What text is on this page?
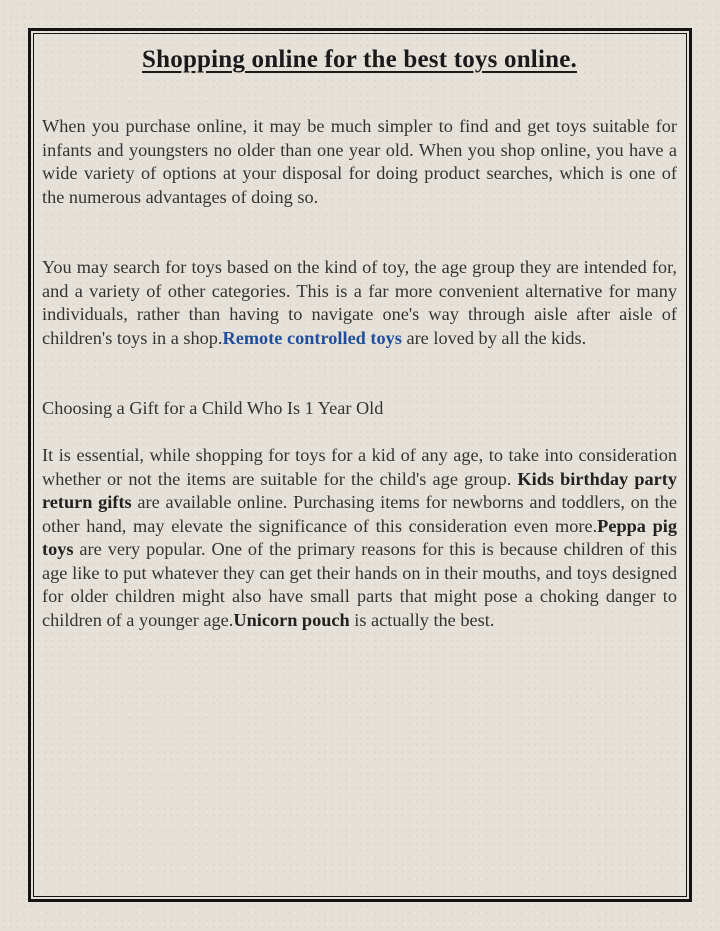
Shopping online for the best toys online.

When you purchase online, it may be much simpler to find and get toys suitable for infants and youngsters no older than one year old. When you shop online, you have a wide variety of options at your disposal for doing product searches, which is one of the numerous advantages of doing so.

You may search for toys based on the kind of toy, the age group they are intended for, and a variety of other categories. This is a far more convenient alternative for many individuals, rather than having to navigate one's way through aisle after aisle of children's toys in a shop.Remote controlled toys are loved by all the kids.

Choosing a Gift for a Child Who Is 1 Year Old

It is essential, while shopping for toys for a kid of any age, to take into consideration whether or not the items are suitable for the child's age group. Kids birthday party return gifts are available online. Purchasing items for newborns and toddlers, on the other hand, may elevate the significance of this consideration even more.Peppa pig toys are very popular. One of the primary reasons for this is because children of this age like to put whatever they can get their hands on in their mouths, and toys designed for older children might also have small parts that might pose a choking danger to children of a younger age.Unicorn pouch is actually the best.
